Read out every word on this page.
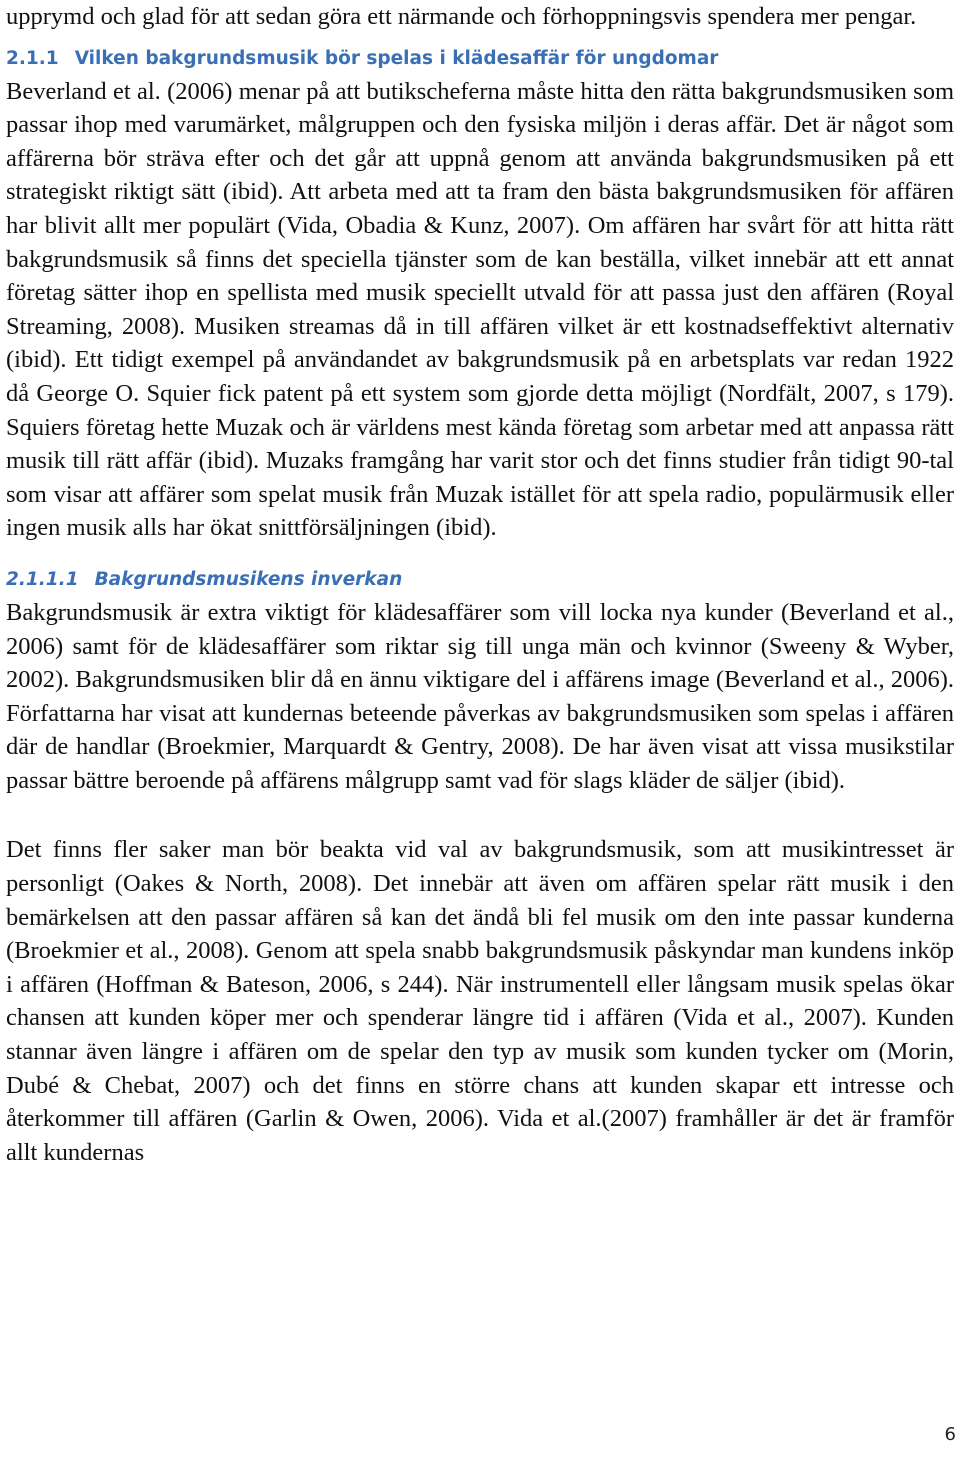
upprymd och glad för att sedan göra ett närmande och förhoppningsvis spendera mer pengar.

2.1.1 Vilken bakgrundsmusik bör spelas i klädesaffär för ungdomar

Beverland et al. (2006) menar på att butikscheferna måste hitta den rätta bakgrundsmusiken som passar ihop med varumärket, målgruppen och den fysiska miljön i deras affär. Det är något som affärerna bör sträva efter och det går att uppnå genom att använda bakgrundsmusiken på ett strategiskt riktigt sätt (ibid). Att arbeta med att ta fram den bästa bakgrundsmusiken för affären har blivit allt mer populärt (Vida, Obadia & Kunz, 2007). Om affären har svårt för att hitta rätt bakgrundsmusik så finns det speciella tjänster som de kan beställa, vilket innebär att ett annat företag sätter ihop en spellista med musik speciellt utvald för att passa just den affären (Royal Streaming, 2008). Musiken streamas då in till affären vilket är ett kostnadseffektivt alternativ (ibid). Ett tidigt exempel på användandet av bakgrundsmusik på en arbetsplats var redan 1922 då George O. Squier fick patent på ett system som gjorde detta möjligt (Nordfält, 2007, s 179). Squiers företag hette Muzak och är världens mest kända företag som arbetar med att anpassa rätt musik till rätt affär (ibid). Muzaks framgång har varit stor och det finns studier från tidigt 90-tal som visar att affärer som spelat musik från Muzak istället för att spela radio, populärmusik eller ingen musik alls har ökat snittförsäljningen (ibid).

2.1.1.1 Bakgrundsmusikens inverkan

Bakgrundsmusik är extra viktigt för klädesaffärer som vill locka nya kunder (Beverland et al., 2006) samt för de klädesaffärer som riktar sig till unga män och kvinnor (Sweeny & Wyber, 2002). Bakgrundsmusiken blir då en ännu viktigare del i affärens image (Beverland et al., 2006). Författarna har visat att kundernas beteende påverkas av bakgrundsmusiken som spelas i affären där de handlar (Broekmier, Marquardt & Gentry, 2008). De har även visat att vissa musikstilar passar bättre beroende på affärens målgrupp samt vad för slags kläder de säljer (ibid).

Det finns fler saker man bör beakta vid val av bakgrundsmusik, som att musikintresset är personligt (Oakes & North, 2008). Det innebär att även om affären spelar rätt musik i den bemärkelsen att den passar affären så kan det ändå bli fel musik om den inte passar kunderna (Broekmier et al., 2008). Genom att spela snabb bakgrundsmusik påskyndar man kundens inköp i affären (Hoffman & Bateson, 2006, s 244). När instrumentell eller långsam musik spelas ökar chansen att kunden köper mer och spenderar längre tid i affären (Vida et al., 2007). Kunden stannar även längre i affären om de spelar den typ av musik som kunden tycker om (Morin, Dubé & Chebat, 2007) och det finns en större chans att kunden skapar ett intresse och återkommer till affären (Garlin & Owen, 2006). Vida et al.(2007) framhåller är det är framför allt kundernas

6
